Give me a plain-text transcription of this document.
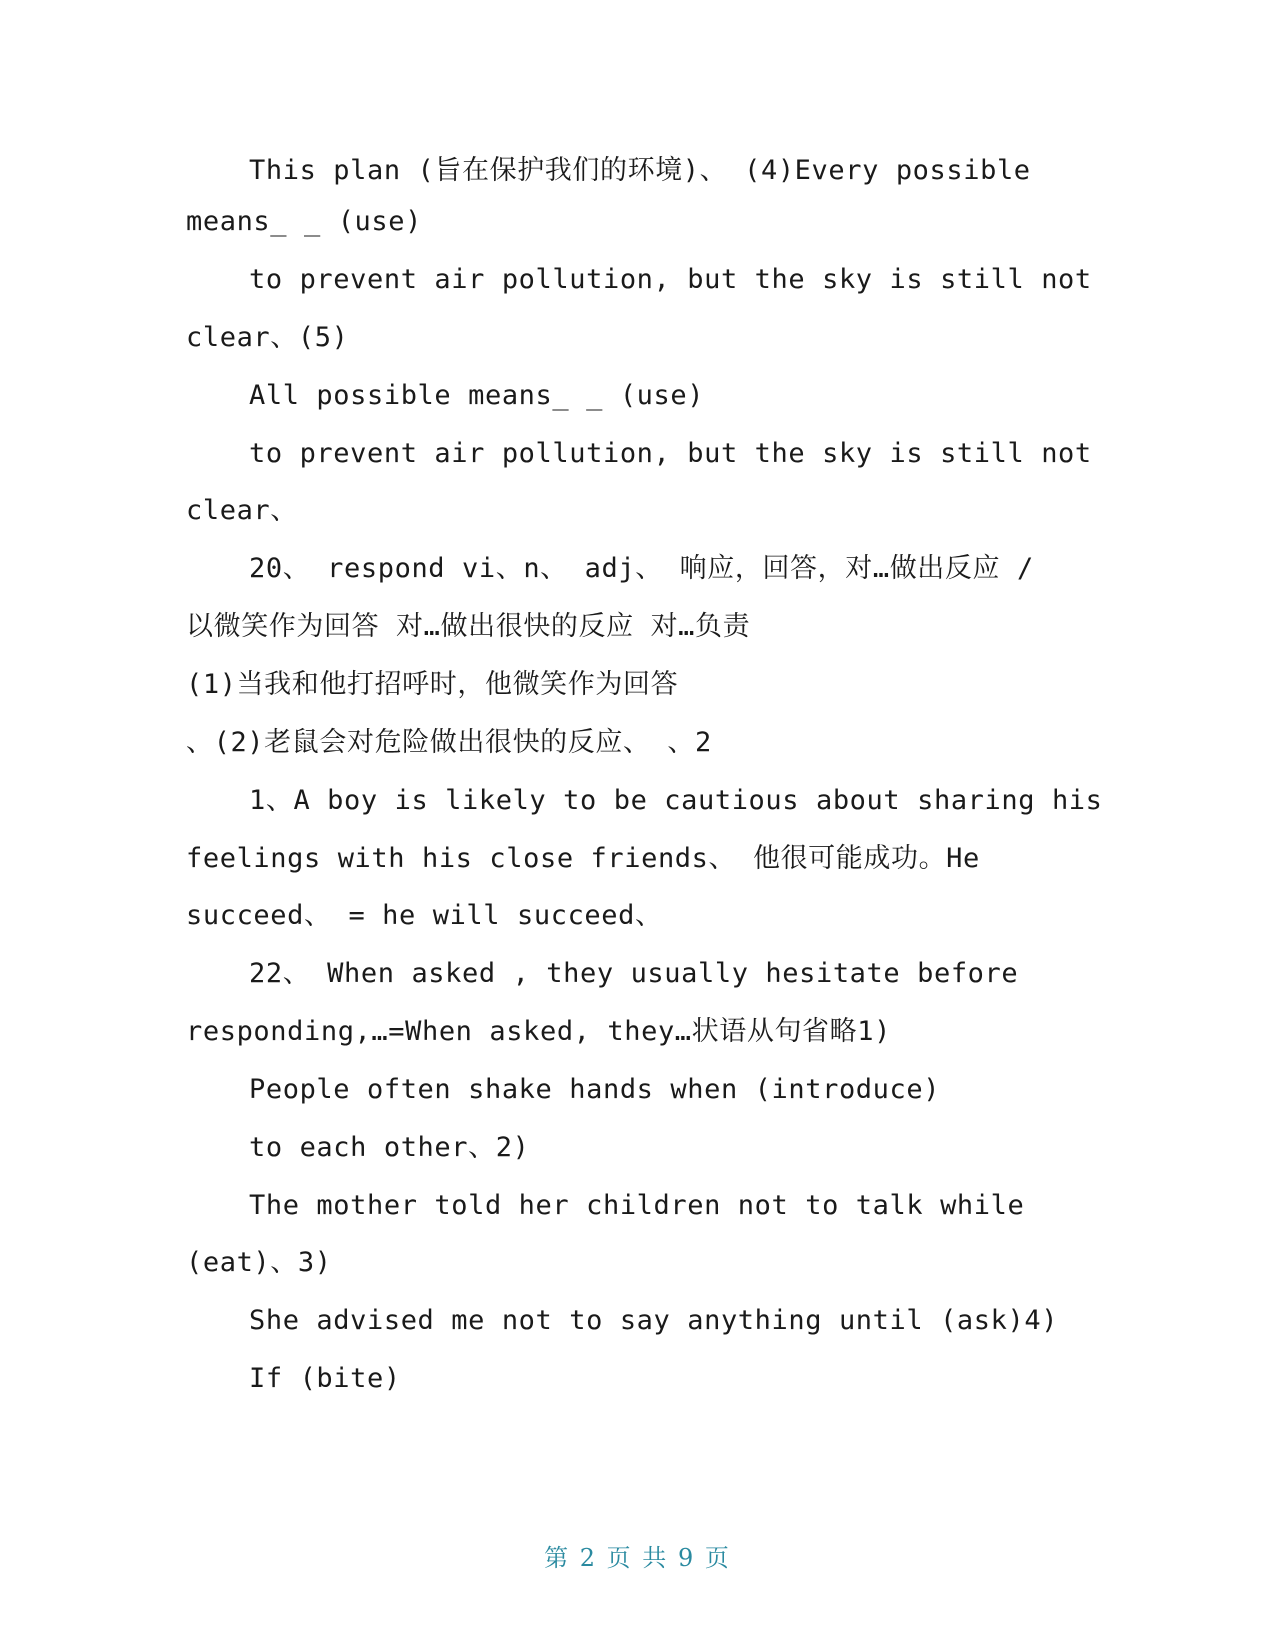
This plan (旨在保护我们的环境)、 (4)Every possible
means_ _ (use)
to prevent air pollution, but the sky is still not
clear、(5)
All possible means_ _ (use)
to prevent air pollution, but the sky is still not
clear、
20、 respond vi、n、 adj、 响应，回答，对…做出反应 /
以微笑作为回答 对…做出很快的反应 对…负责
(1)当我和他打招呼时，他微笑作为回答
、(2)老鼠会对危险做出很快的反应、 、2
1、A boy is likely to be cautious about sharing his
feelings with his close friends、 他很可能成功。He
succeed、 = he will succeed、
22、 When asked , they usually hesitate before
responding,…=When asked, they…状语从句省略1)
People often shake hands when (introduce)
to each other、2)
The mother told her children not to talk while
(eat)、3)
She advised me not to say anything until (ask)4)
If (bite)
第 2 页 共 9 页
